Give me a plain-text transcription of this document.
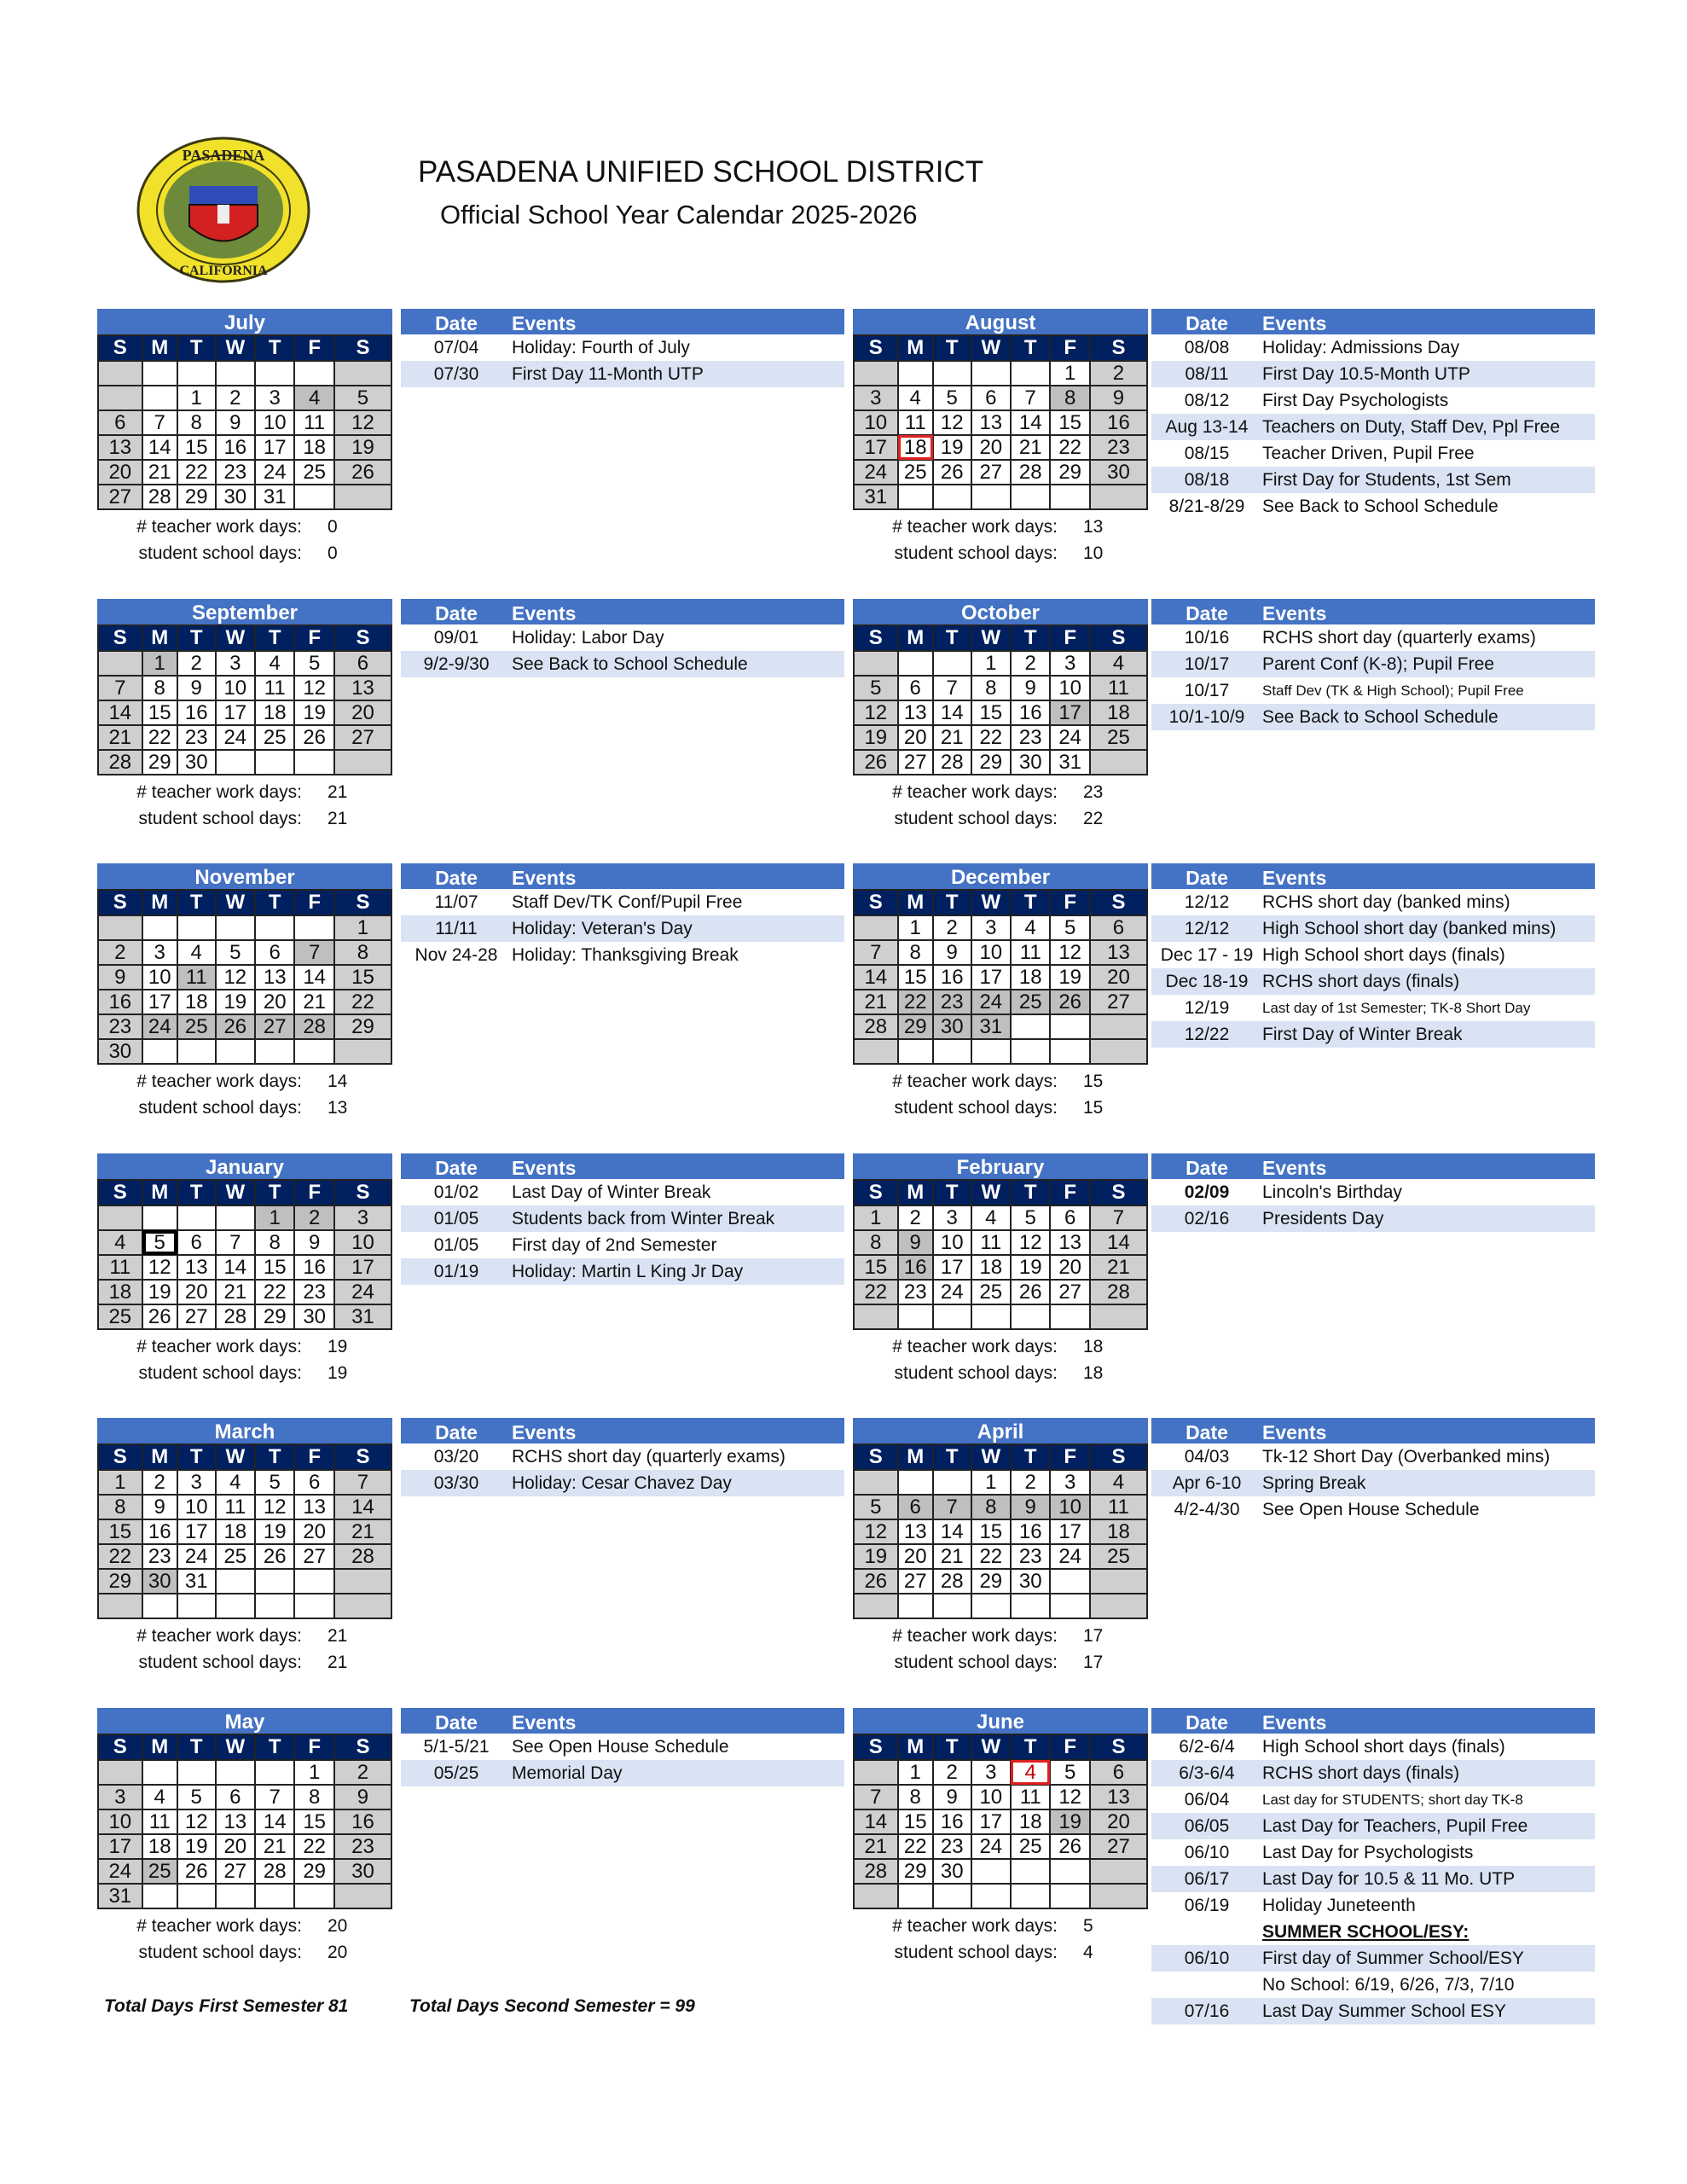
PASADENA
CALIFORNIA
PASADENA UNIFIED SCHOOL DISTRICT
Official School Year Calendar 2025-2026
July
S	M	T	W	T	F	S

		1	2	3	4	5
6	7	8	9	10	11	12
13	14	15	16	17	18	19
20	21	22	23	24	25	26
27	28	29	30	31		
# teacher work days:	0
student school days:	0
Date	Events
07/04	Holiday: Fourth of July
07/30	First Day 11-Month UTP
August
S	M	T	W	T	F	S
					1	2
3	4	5	6	7	8	9
10	11	12	13	14	15	16
17	18	19	20	21	22	23
24	25	26	27	28	29	30
31						
# teacher work days:	13
student school days:	10
Date	Events
08/08	Holiday: Admissions Day
08/11	First Day 10.5-Month UTP
08/12	First Day Psychologists
Aug 13-14 Teachers on Duty, Staff Dev, Ppl Free
08/15	Teacher Driven, Pupil Free
08/18	First Day for Students, 1st Sem
8/21-8/29 See Back to School Schedule
September
S	M	T	W	T	F	S
	1	2	3	4	5	6
7	8	9	10	11	12	13
14	15	16	17	18	19	20
21	22	23	24	25	26	27
28	29	30				
# teacher work days:	21
student school days:	21
Date	Events
09/01	Holiday: Labor Day
9/2-9/30	See Back to School Schedule
October
S	M	T	W	T	F	S
			1	2	3	4
5	6	7	8	9	10	11
12	13	14	15	16	17	18
19	20	21	22	23	24	25
26	27	28	29	30	31	
# teacher work days:	23
student school days:	22
Date	Events
10/16	RCHS short day (quarterly exams)
10/17	Parent Conf (K-8); Pupil Free
10/17	Staff Dev (TK & High School); Pupil Free
10/1-10/9 See Back to School Schedule
November
S	M	T	W	T	F	S
						1
2	3	4	5	6	7	8
9	10	11	12	13	14	15
16	17	18	19	20	21	22
23	24	25	26	27	28	29
30						
# teacher work days:	14
student school days:	13
Date	Events
11/07	Staff Dev/TK Conf/Pupil Free
11/11	Holiday: Veteran's Day
Nov 24-28 Holiday: Thanksgiving Break
December
S	M	T	W	T	F	S
	1	2	3	4	5	6
7	8	9	10	11	12	13
14	15	16	17	18	19	20
21	22	23	24	25	26	27
28	29	30	31			

# teacher work days:	15
student school days:	15
Date	Events
12/12	RCHS short day (banked mins)
12/12	High School short day (banked mins)
Dec 17 - 19 High School short days (finals)
Dec 18-19 RCHS short days (finals)
12/19	Last day of 1st Semester; TK-8 Short Day
12/22	First Day of Winter Break
January
S	M	T	W	T	F	S
				1	2	3
4	5	6	7	8	9	10
11	12	13	14	15	16	17
18	19	20	21	22	23	24
25	26	27	28	29	30	31
# teacher work days:	19
student school days:	19
Date	Events
01/02	Last Day of Winter Break
01/05	Students back from Winter Break
01/05	First day of 2nd Semester
01/19	Holiday: Martin L King Jr Day
February
S	M	T	W	T	F	S
1	2	3	4	5	6	7
8	9	10	11	12	13	14
15	16	17	18	19	20	21
22	23	24	25	26	27	28

# teacher work days:	18
student school days:	18
Date	Events
02/09	Lincoln's Birthday
02/16	Presidents Day
March
S	M	T	W	T	F	S
1	2	3	4	5	6	7
8	9	10	11	12	13	14
15	16	17	18	19	20	21
22	23	24	25	26	27	28
29	30	31				

# teacher work days:	21
student school days:	21
Date	Events
03/20	RCHS short day (quarterly exams)
03/30	Holiday: Cesar Chavez Day
April
S	M	T	W	T	F	S
			1	2	3	4
5	6	7	8	9	10	11
12	13	14	15	16	17	18
19	20	21	22	23	24	25
26	27	28	29	30		

# teacher work days:	17
student school days:	17
Date	Events
04/03	Tk-12 Short Day (Overbanked mins)
Apr 6-10	Spring Break
4/2-4/30	See Open House Schedule
May
S	M	T	W	T	F	S
					1	2
3	4	5	6	7	8	9
10	11	12	13	14	15	16
17	18	19	20	21	22	23
24	25	26	27	28	29	30
31						
# teacher work days:	20
student school days:	20
Date	Events
5/1-5/21	See Open House Schedule
05/25	Memorial Day
June
S	M	T	W	T	F	S
	1	2	3	4	5	6
7	8	9	10	11	12	13
14	15	16	17	18	19	20
21	22	23	24	25	26	27
28	29	30				

# teacher work days:	5
student school days:	4
Date	Events
6/2-6/4	High School short days (finals)
6/3-6/4	RCHS short days (finals)
06/04	Last day for STUDENTS; short day TK-8
06/05	Last Day for Teachers, Pupil Free
06/10	Last Day for Psychologists
06/17	Last Day for 10.5 & 11 Mo. UTP
06/19	Holiday Juneteenth
SUMMER SCHOOL/ESY:
06/10	First day of Summer School/ESY
No School: 6/19, 6/26, 7/3, 7/10
07/16	Last Day Summer School ESY
Total Days First Semester 81	Total Days Second Semester = 99
